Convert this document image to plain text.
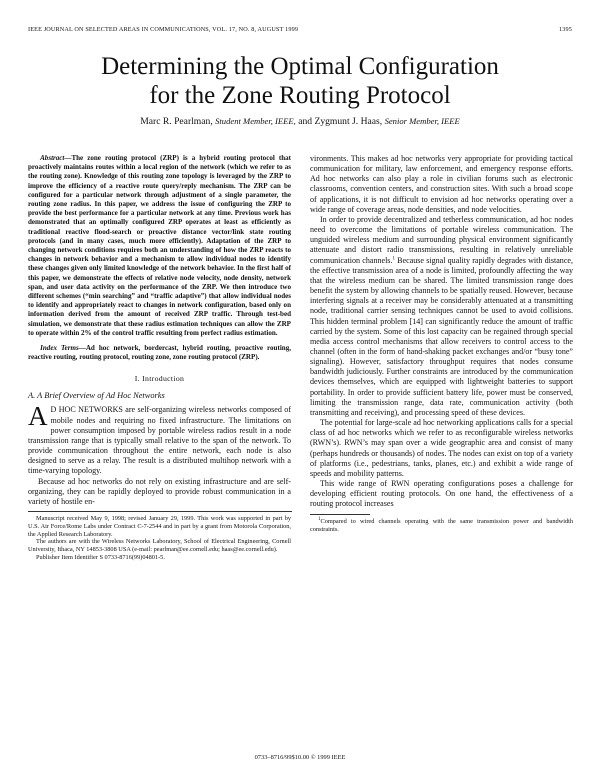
IEEE JOURNAL ON SELECTED AREAS IN COMMUNICATIONS, VOL. 17, NO. 8, AUGUST 1999	1395
Determining the Optimal Configuration
for the Zone Routing Protocol
Marc R. Pearlman, Student Member, IEEE, and Zygmunt J. Haas, Senior Member, IEEE

Abstract—The zone routing protocol (ZRP) is a hybrid routing protocol that proactively maintains routes within a local region of the network (which we refer to as the routing zone). Knowledge of this routing zone topology is leveraged by the ZRP to improve the efficiency of a reactive route query/reply mechanism. The ZRP can be configured for a particular network through adjustment of a single parameter, the routing zone radius. In this paper, we address the issue of configuring the ZRP to provide the best performance for a particular network at any time. Previous work has demonstrated that an optimally configured ZRP operates at least as efficiently as traditional reactive flood-search or proactive distance vector/link state routing protocols (and in many cases, much more efficiently). Adaptation of the ZRP to changing network conditions requires both an understanding of how the ZRP reacts to changes in network behavior and a mechanism to allow individual nodes to identify these changes given only limited knowledge of the network behavior. In the first half of this paper, we demonstrate the effects of relative node velocity, node density, network span, and user data activity on the performance of the ZRP. We then introduce two different schemes (“min searching” and “traffic adaptive”) that allow individual nodes to identify and appropriately react to changes in network configuration, based only on information derived from the amount of received ZRP traffic. Through test-bed simulation, we demonstrate that these radius estimation techniques can allow the ZRP to operate within 2% of the control traffic resulting from perfect radius estimation.

Index Terms—Ad hoc network, bordercast, hybrid routing, proactive routing, reactive routing, routing protocol, routing zone, zone routing protocol (ZRP).

I. Introduction
A. A Brief Overview of Ad Hoc Networks

A D HOC NETWORKS are self-organizing wireless networks composed of mobile nodes and requiring no fixed infrastructure. The limitations on power consumption imposed by portable wireless radios result in a node transmission range that is typically small relative to the span of the network. To provide communication throughout the entire network, each node is also designed to serve as a relay. The result is a distributed multihop network with a time-varying topology.

Because ad hoc networks do not rely on existing infrastructure and are self-organizing, they can be rapidly deployed to provide robust communication in a variety of hostile en-

Manuscript received May 9, 1998; revised January 29, 1999. This work was supported in part by U.S. Air Force/Rome Labs under Contract C-7-2544 and in part by a grant from Motorola Corporation, the Applied Research Laboratory.

The authors are with the Wireless Networks Laboratory, School of Electrical Engineering, Cornell University, Ithaca, NY 14853-3808 USA (e-mail: pearlman@ee.cornell.edu; haas@ee.cornell.edu).

Publisher Item Identifier S 0733-8716(99)04801-5.

vironments. This makes ad hoc networks very appropriate for providing tactical communication for military, law enforcement, and emergency response efforts. Ad hoc networks can also play a role in civilian forums such as electronic classrooms, convention centers, and construction sites. With such a broad scope of applications, it is not difficult to envision ad hoc networks operating over a wide range of coverage areas, node densities, and node velocities.

In order to provide decentralized and tetherless communication, ad hoc nodes need to overcome the limitations of portable wireless communication. The unguided wireless medium and surrounding physical environment significantly attenuate and distort radio transmissions, resulting in relatively unreliable communication channels.$^1$ Because signal quality rapidly degrades with distance, the effective transmission area of a node is limited, profoundly affecting the way that the wireless medium can be shared. The limited transmission range does benefit the system by allowing channels to be spatially reused. However, because interfering signals at a receiver may be considerably attenuated at a transmitting node, traditional carrier sensing techniques cannot be used to avoid collisions. This hidden terminal problem [14] can significantly reduce the amount of traffic carried by the system. Some of this lost capacity can be regained through special media access control mechanisms that allow receivers to control access to the channel (often in the form of hand-shaking packet exchanges and/or “busy tone” signaling). However, satisfactory throughput requires that nodes consume bandwidth judiciously. Further constraints are introduced by the communication devices themselves, which are equipped with lightweight batteries to support portability. In order to provide sufficient battery life, power must be conserved, limiting the transmission range, data rate, communication activity (both transmitting and receiving), and processing speed of these devices.

The potential for large-scale ad hoc networking applications calls for a special class of ad hoc networks which we refer to as reconfigurable wireless networks (RWN’s). RWN’s may span over a wide geographic area and consist of many (perhaps hundreds or thousands) of nodes. The nodes can exist on top of a variety of platforms (i.e., pedestrians, tanks, planes, etc.) and exhibit a wide range of speeds and mobility patterns.

This wide range of RWN operating configurations poses a challenge for developing efficient routing protocols. On one hand, the effectiveness of a routing protocol increases

$^1$Compared to wired channels operating with the same transmission power and bandwidth constraints.

0733–8716/99$10.00 © 1999 IEEE
